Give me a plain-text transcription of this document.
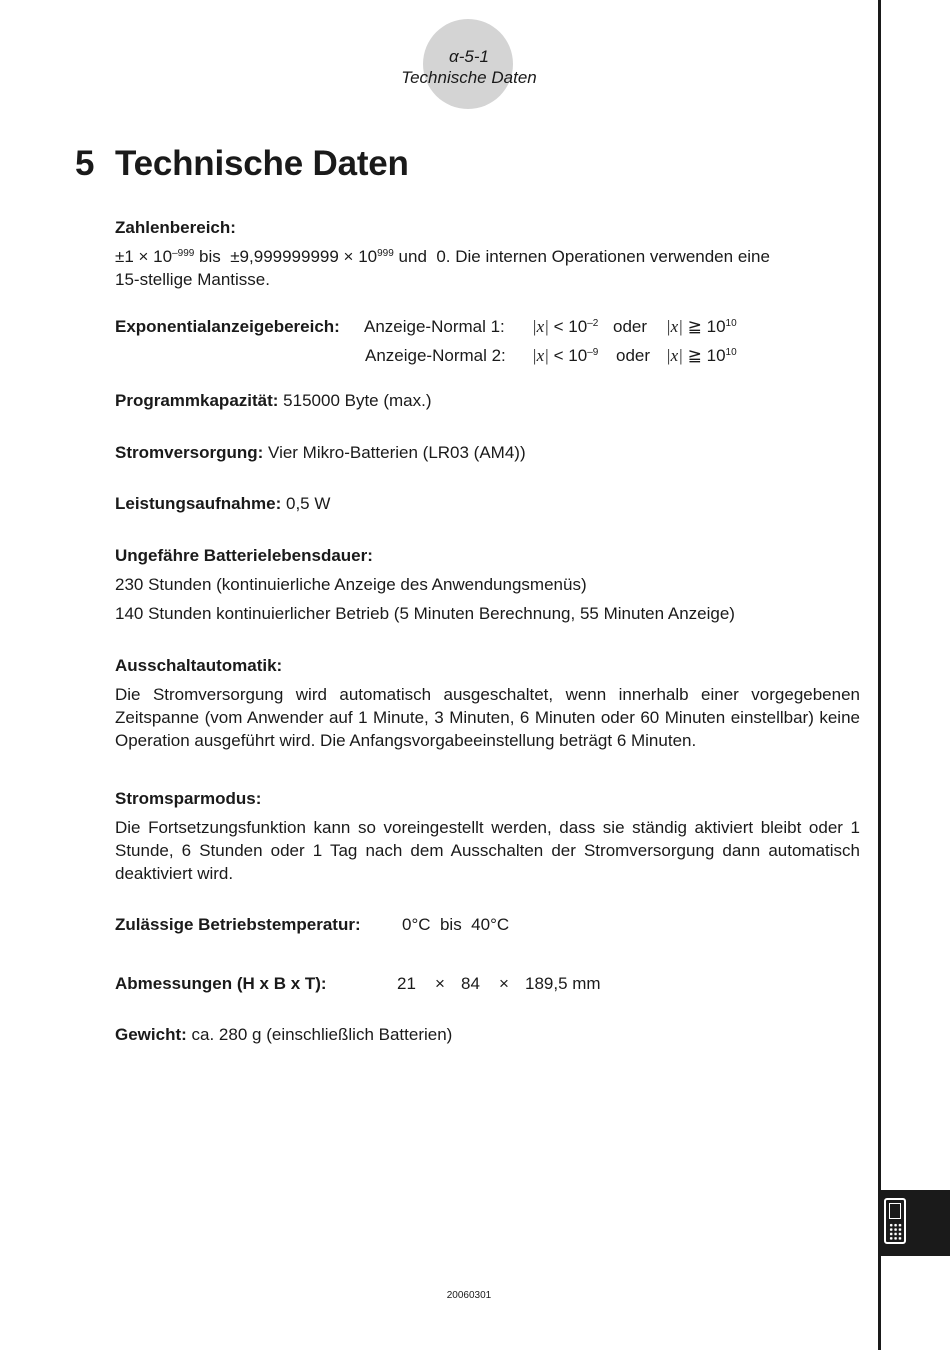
α-5-1
Technische Daten
5 Technische Daten
Zahlenbereich:
$\pm 1 \times 10^{-999}$ bis  $\pm 9,999999999 \times 10^{999}$ und  0. Die internen Operationen verwenden eine
15-stellige Mantisse.
Exponentialanzeigebereich: Anzeige-Normal 1: $|x| < 10^{-2}$ oder |x| ≧ $10^{10}$
Anzeige-Normal 2: $|x| < 10^{-9}$ oder |x| ≧ $10^{10}$
Programmkapazität: 515000 Byte (max.)
Stromversorgung: Vier Mikro-Batterien (LR03 (AM4))
Leistungsaufnahme: 0,5 W
Ungefähre Batterielebensdauer:
230 Stunden (kontinuierliche Anzeige des Anwendungsmenüs)
140 Stunden kontinuierlicher Betrieb (5 Minuten Berechnung, 55 Minuten Anzeige)
Ausschaltautomatik:
Die Stromversorgung wird automatisch ausgeschaltet, wenn innerhalb einer vorgegebenen Zeitspanne (vom Anwender auf 1 Minute, 3 Minuten, 6 Minuten oder 60 Minuten einstellbar) keine Operation ausgeführt wird. Die Anfangsvorgabeeinstellung beträgt 6 Minuten.
Stromsparmodus:
Die Fortsetzungsfunktion kann so voreingestellt werden, dass sie ständig aktiviert bleibt oder 1 Stunde, 6 Stunden oder 1 Tag nach dem Ausschalten der Stromversorgung dann automatisch deaktiviert wird.
Zulässige Betriebstemperatur: 0°C  bis  40°C
Abmessungen (H x B x T):	21 × 84 × 189,5 mm
Gewicht: ca. 280 g (einschließlich Batterien)
20060301
